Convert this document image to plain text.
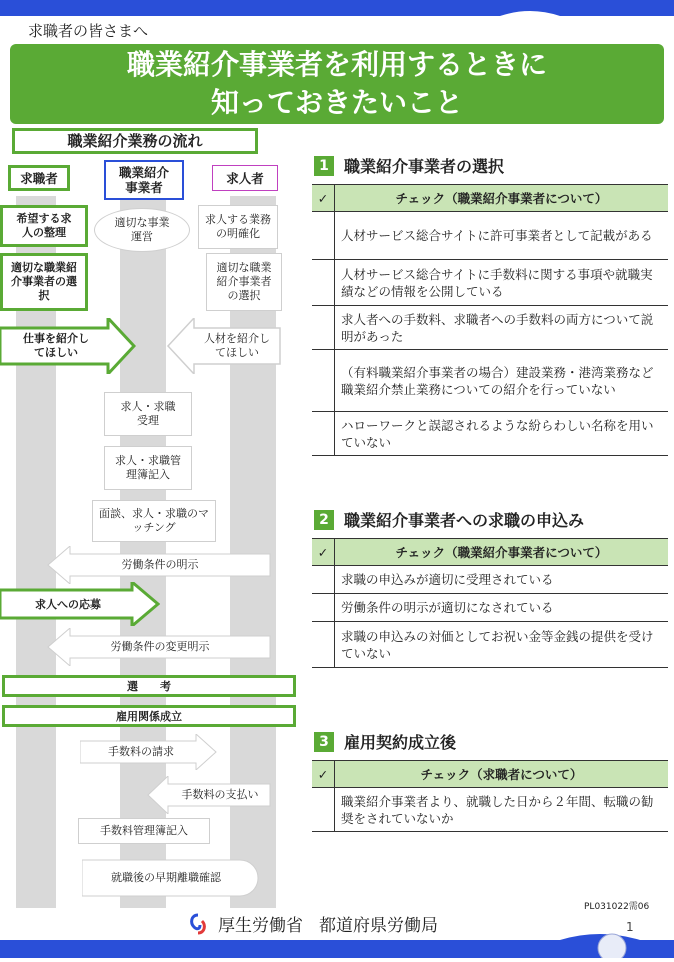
求職者の皆さまへ
職業紹介事業者を利用するときに
知っておきたいこと
職業紹介業務の流れ
求職者	職業紹介事業者
求人者
希望する求人の整理
適切な職業紹介事業者の選択
適切な事業運営
求人する業務の明確化
適切な職業紹介事業者の選択
仕事を紹介してほしい
人材を紹介してほしい
求人・求職受理
求人・求職管理簿記入
面談、求人・求職のマッチング
労働条件の明示
求人への応募
労働条件の変更明示
選　　考
雇用関係成立
手数料の請求
手数料の支払い
手数料管理簿記入
就職後の早期離職確認
1 職業紹介事業者の選択
✓	チェック（職業紹介事業者について）
	人材サービス総合サイトに許可事業者として記載がある
	人材サービス総合サイトに手数料に関する事項や就職実績などの情報を公開している
	求人者への手数料、求職者への手数料の両方について説明があった
	（有料職業紹介事業者の場合）建設業務・港湾業務など職業紹介禁止業務についての紹介を行っていない
	ハローワークと誤認されるような紛らわしい名称を用いていない
2 職業紹介事業者への求職の申込み
✓	チェック（職業紹介事業者について）
	求職の申込みが適切に受理されている
	労働条件の明示が適切になされている
	求職の申込みの対価としてお祝い金等金銭の提供を受けていない
3 雇用契約成立後
✓	チェック（求職者について）
	職業紹介事業者より、就職した日から２年間、転職の勧奨をされていないか
PL031022需06
厚生労働省 都道府県労働局	1
